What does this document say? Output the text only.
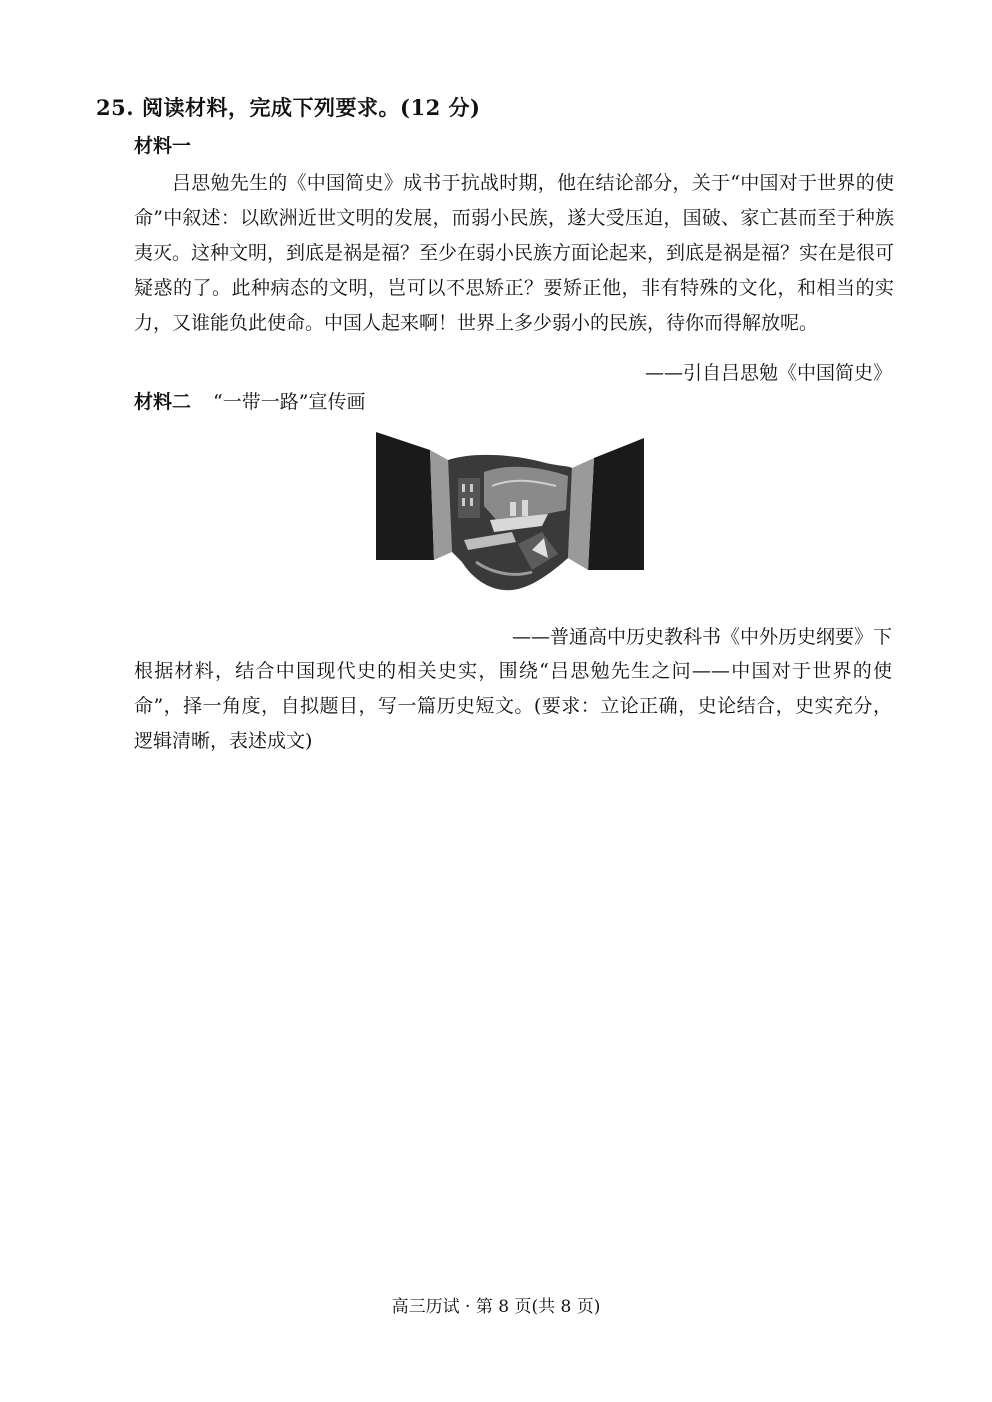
25. 阅读材料，完成下列要求。(12 分)
材料一
吕思勉先生的《中国简史》成书于抗战时期，他在结论部分，关于“中国对于世界的使命”中叙述：以欧洲近世文明的发展，而弱小民族，遂大受压迫，国破、家亡甚而至于种族夷灭。这种文明，到底是祸是福？至少在弱小民族方面论起来，到底是祸是福？实在是很可疑惑的了。此种病态的文明，岂可以不思矫正？要矫正他，非有特殊的文化，和相当的实力，又谁能负此使命。中国人起来啊！世界上多少弱小的民族，待你而得解放呢。
——引自吕思勉《中国简史》
材料二 “一带一路”宣传画
——普通高中历史教科书《中外历史纲要》下
根据材料，结合中国现代史的相关史实，围绕“吕思勉先生之问——中国对于世界的使命”，择一角度，自拟题目，写一篇历史短文。(要求：立论正确，史论结合，史实充分，逻辑清晰，表述成文)
高三历试 · 第 8 页(共 8 页)
